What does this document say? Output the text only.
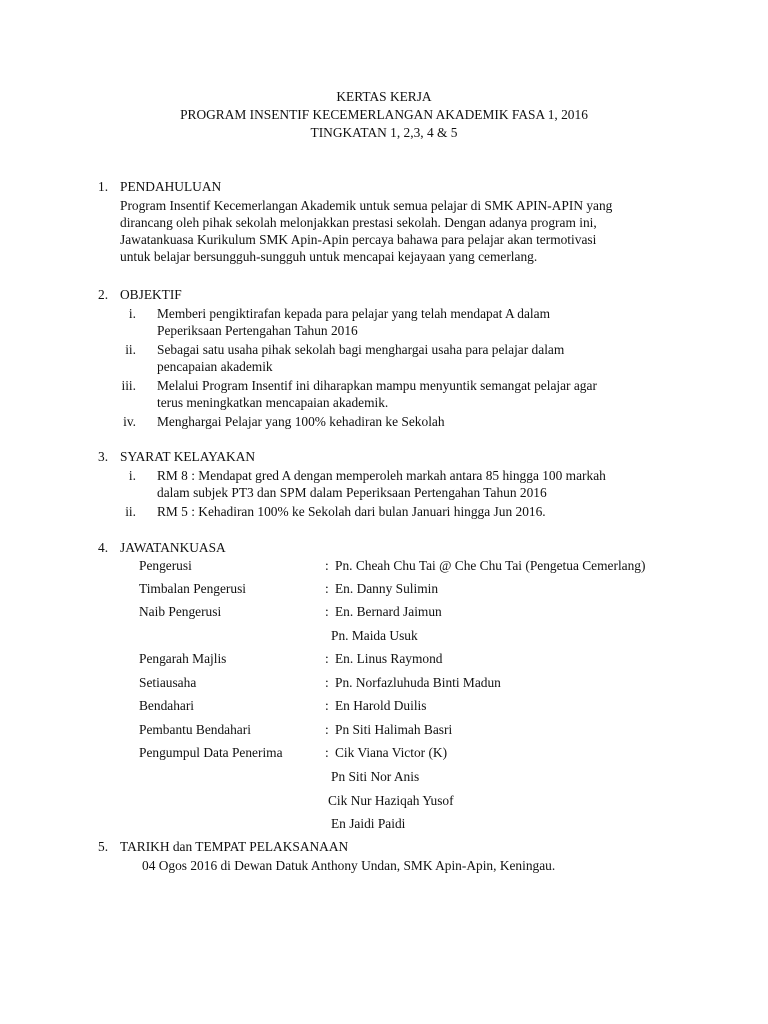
KERTAS KERJA
PROGRAM INSENTIF KECEMERLANGAN AKADEMIK FASA 1, 2016
TINGKATAN 1, 2,3, 4 & 5
1. PENDAHULUAN
Program Insentif Kecemerlangan Akademik untuk semua pelajar di SMK APIN-APIN yang
dirancang oleh pihak sekolah melonjakkan prestasi sekolah. Dengan adanya program ini,
Jawatankuasa Kurikulum SMK Apin-Apin percaya bahawa para pelajar akan termotivasi
untuk belajar bersungguh-sungguh untuk mencapai kejayaan yang cemerlang.
2. OBJEKTIF
i. Memberi pengiktirafan kepada para pelajar yang telah mendapat A dalam
Peperiksaan Pertengahan Tahun 2016
ii. Sebagai satu usaha pihak sekolah bagi menghargai usaha para pelajar dalam
pencapaian akademik
iii. Melalui Program Insentif ini diharapkan mampu menyuntik semangat pelajar agar
terus meningkatkan mencapaian akademik.
iv. Menghargai Pelajar yang 100% kehadiran ke Sekolah
3. SYARAT KELAYAKAN
i. RM 8 : Mendapat gred A dengan memperoleh markah antara 85 hingga 100 markah
dalam subjek PT3 dan SPM dalam Peperiksaan Pertengahan Tahun 2016
ii. RM 5 : Kehadiran 100% ke Sekolah dari bulan Januari hingga Jun 2016.
4. JAWATANKUASA
Pengerusi	: Pn. Cheah Chu Tai @ Che Chu Tai (Pengetua Cemerlang)
Timbalan Pengerusi	: En. Danny Sulimin
Naib Pengerusi	: En. Bernard Jaimun
Pn. Maida Usuk
Pengarah Majlis	: En. Linus Raymond
Setiausaha	: Pn. Norfazluhuda Binti Madun
Bendahari	: En Harold Duilis
Pembantu Bendahari	: Pn Siti Halimah Basri
Pengumpul Data Penerima	: Cik Viana Victor (K)
Pn Siti Nor Anis
Cik Nur Haziqah Yusof
En Jaidi Paidi
5. TARIKH dan TEMPAT PELAKSANAAN
04 Ogos 2016 di Dewan Datuk Anthony Undan, SMK Apin-Apin, Keningau.
